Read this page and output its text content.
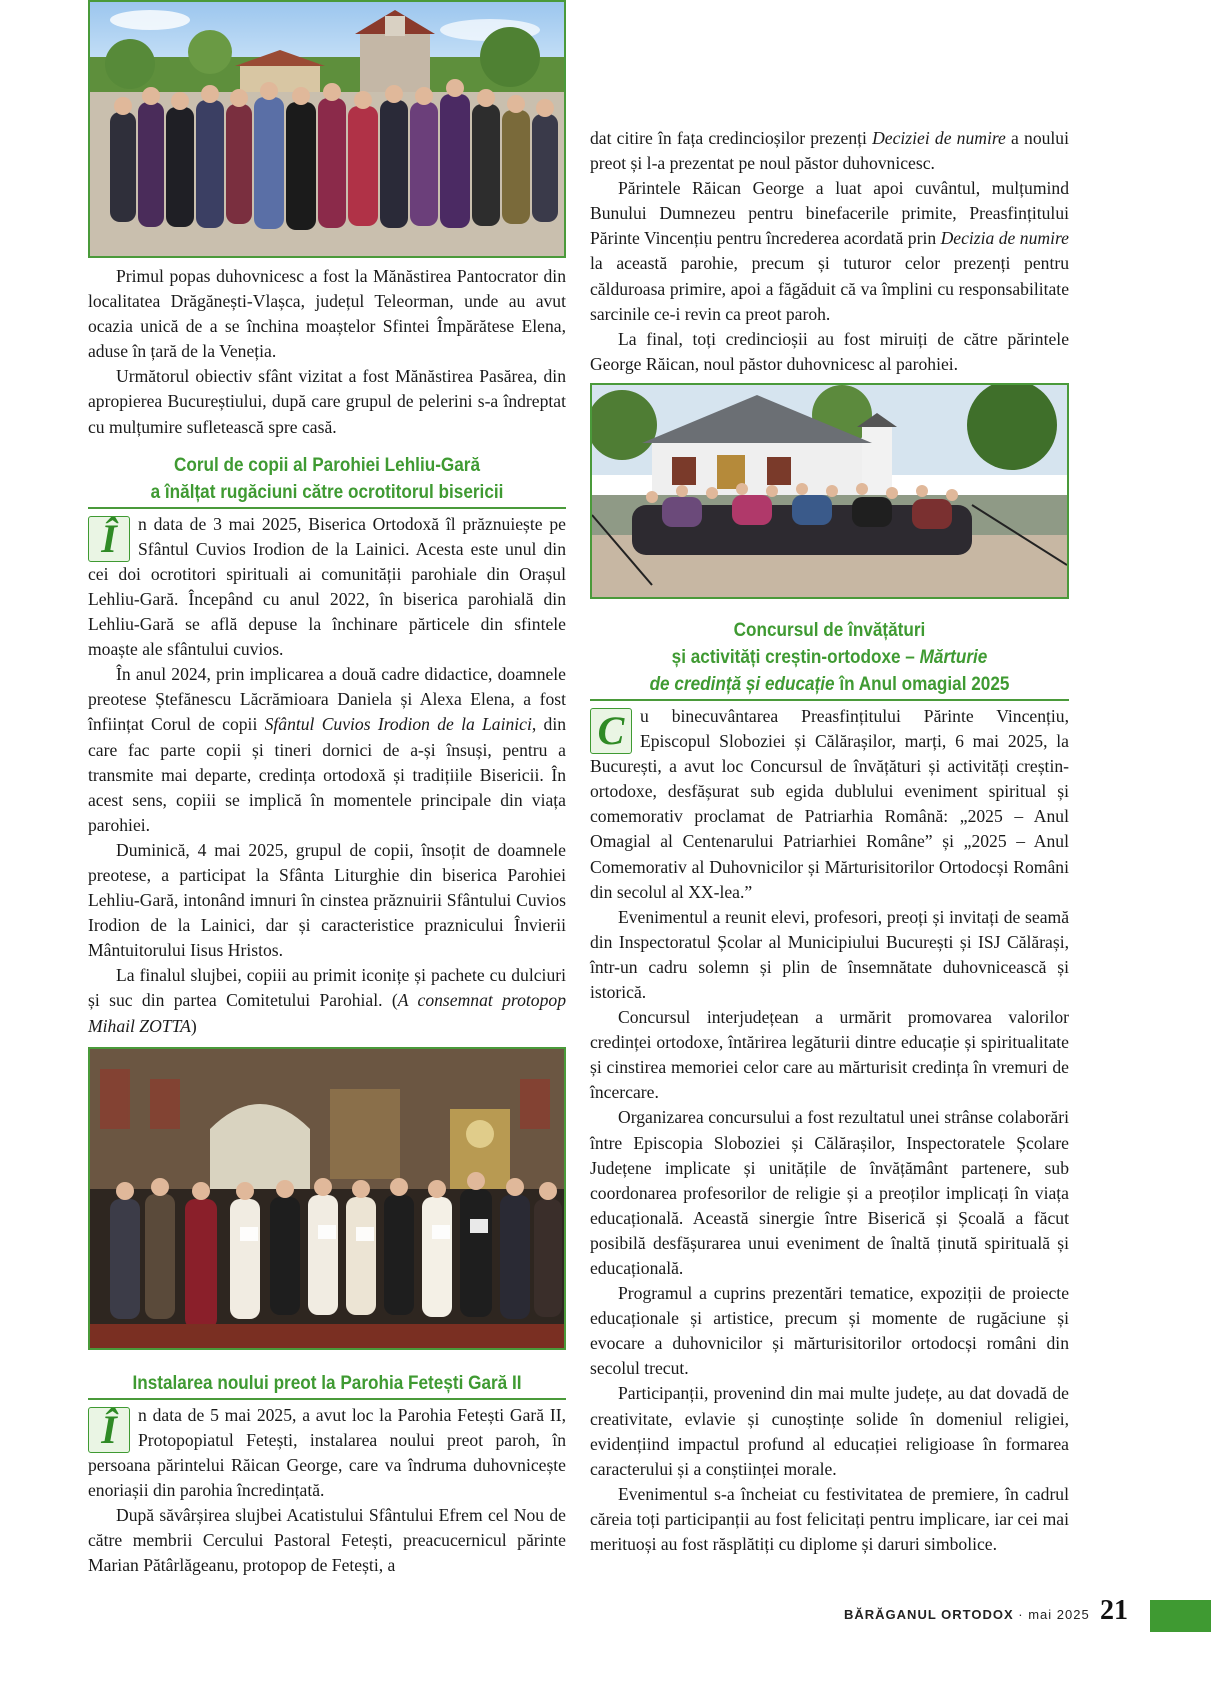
Primul popas duhovnicesc a fost la Mănăstirea Pantocrator din localitatea Drăgănești-Vlașca, județul Teleorman, unde au avut ocazia unică de a se închina moaștelor Sfintei Împărătese Elena, aduse în țară de la Veneția.

Următorul obiectiv sfânt vizitat a fost Mănăstirea Pasărea, din apropierea Bucureștiului, după care grupul de pelerini s-a îndreptat cu mulțumire sufletească spre casă.

Corul de copii al Parohiei Lehliu-Gară
a înălțat rugăciuni către ocrotitorul bisericii

Î	n data de 3 mai 2025, Biserica Ortodoxă îl prăznuiește pe Sfântul Cuvios Irodion de la Lainici. Acesta este unul din cei doi ocrotitori spirituali ai comunității parohiale din Orașul Lehliu-Gară. Începând cu anul 2022, în biserica parohială din Lehliu-Gară se află depuse la închinare părticele din sfintele moaște ale sfântului cuvios.

În anul 2024, prin implicarea a două cadre didactice, doamnele preotese Ștefănescu Lăcrămioara Daniela și Alexa Elena, a fost înființat Corul de copii Sfântul Cuvios Irodion de la Lainici, din care fac parte copii și tineri dornici de a-și însuși, pentru a transmite mai departe, credința ortodoxă și tradițiile Bisericii. În acest sens, copiii se implică în momentele principale din viața parohiei.

Duminică, 4 mai 2025, grupul de copii, însoțit de doamnele preotese, a participat la Sfânta Liturghie din biserica Parohiei Lehliu-Gară, intonând imnuri în cinstea prăznuirii Sfântului Cuvios Irodion de la Lainici, dar și caracteristice praznicului Învierii Mântuitorului Iisus Hristos.

La finalul slujbei, copiii au primit iconițe și pachete cu dulciuri și suc din partea Comitetului Parohial. (A consemnat protopop Mihail ZOTTA)

Instalarea noului preot la Parohia Fetești Gară II

Î	n data de 5 mai 2025, a avut loc la Parohia Fetești Gară II, Protopopiatul Fetești, instalarea noului preot paroh, în persoana părintelui Răican George, care va îndruma duhovnicește enoriașii din parohia încredințată.

După săvârșirea slujbei Acatistului Sfântului Efrem cel Nou de către membrii Cercului Pastoral Fetești, preacucernicul părinte Marian Pătârlăgeanu, protopop de Fetești, a

dat citire în fața credincioșilor prezenți Deciziei de numire a noului preot și l-a prezentat pe noul păstor duhovnicesc.

Părintele Răican George a luat apoi cuvântul, mulțumind Bunului Dumnezeu pentru binefacerile primite, Preasfințitului Părinte Vincențiu pentru încrederea acordată prin Decizia de numire la această parohie, precum și tuturor celor prezenți pentru călduroasa primire, apoi a făgăduit că va împlini cu responsabilitate sarcinile ce-i revin ca preot paroh.

La final, toți credincioșii au fost miruiți de către părintele George Răican, noul păstor duhovnicesc al parohiei.

Concursul de învățături
și activități creștin-ortodoxe – Mărturie
de credință și educație în Anul omagial 2025

C u binecuvântarea Preasfințitului Părinte Vincențiu, Episcopul Sloboziei și Călărașilor, marți, 6 mai 2025, la București, a avut loc Concursul de învățături și activități creștin-ortodoxe, desfășurat sub egida dublului eveniment spiritual și comemorativ proclamat de Patriarhia Română: „2025 – Anul Omagial al Centenarului Patriarhiei Române” și „2025 – Anul Comemorativ al Duhovnicilor și Mărturisitorilor Ortodocși Români din secolul al XX-lea.”

Evenimentul a reunit elevi, profesori, preoți și invitați de seamă din Inspectoratul Școlar al Municipiului București și ISJ Călărași, într-un cadru solemn și plin de însemnătate duhovnicească și istorică.

Concursul interjudețean a urmărit promovarea valorilor credinței ortodoxe, întărirea legăturii dintre educație și spiritualitate și cinstirea memoriei celor care au mărturisit credința în vremuri de încercare.

Organizarea concursului a fost rezultatul unei strânse colaborări între Episcopia Sloboziei și Călărașilor, Inspectoratele Școlare Județene implicate și unitățile de învățământ partenere, sub coordonarea profesorilor de religie și a preoților implicați în viața educațională. Această sinergie între Biserică și Școală a făcut posibilă desfășurarea unui eveniment de înaltă ținută spirituală și educațională.

Programul a cuprins prezentări tematice, expoziții de proiecte educaționale și artistice, precum și momente de rugăciune și evocare a duhovnicilor și mărturisitorilor ortodocși români din secolul trecut.

Participanții, provenind din mai multe județe, au dat dovadă de creativitate, evlavie și cunoștințe solide în domeniul religiei, evidențiind impactul profund al educației religioase în formarea caracterului și a conștiinței morale.

Evenimentul s-a încheiat cu festivitatea de premiere, în cadrul căreia toți participanții au fost felicitați pentru implicare, iar cei mai merituoși au fost răsplătiți cu diplome și daruri simbolice.

BĂRĂGANUL ORTODOX · mai 2025 21
